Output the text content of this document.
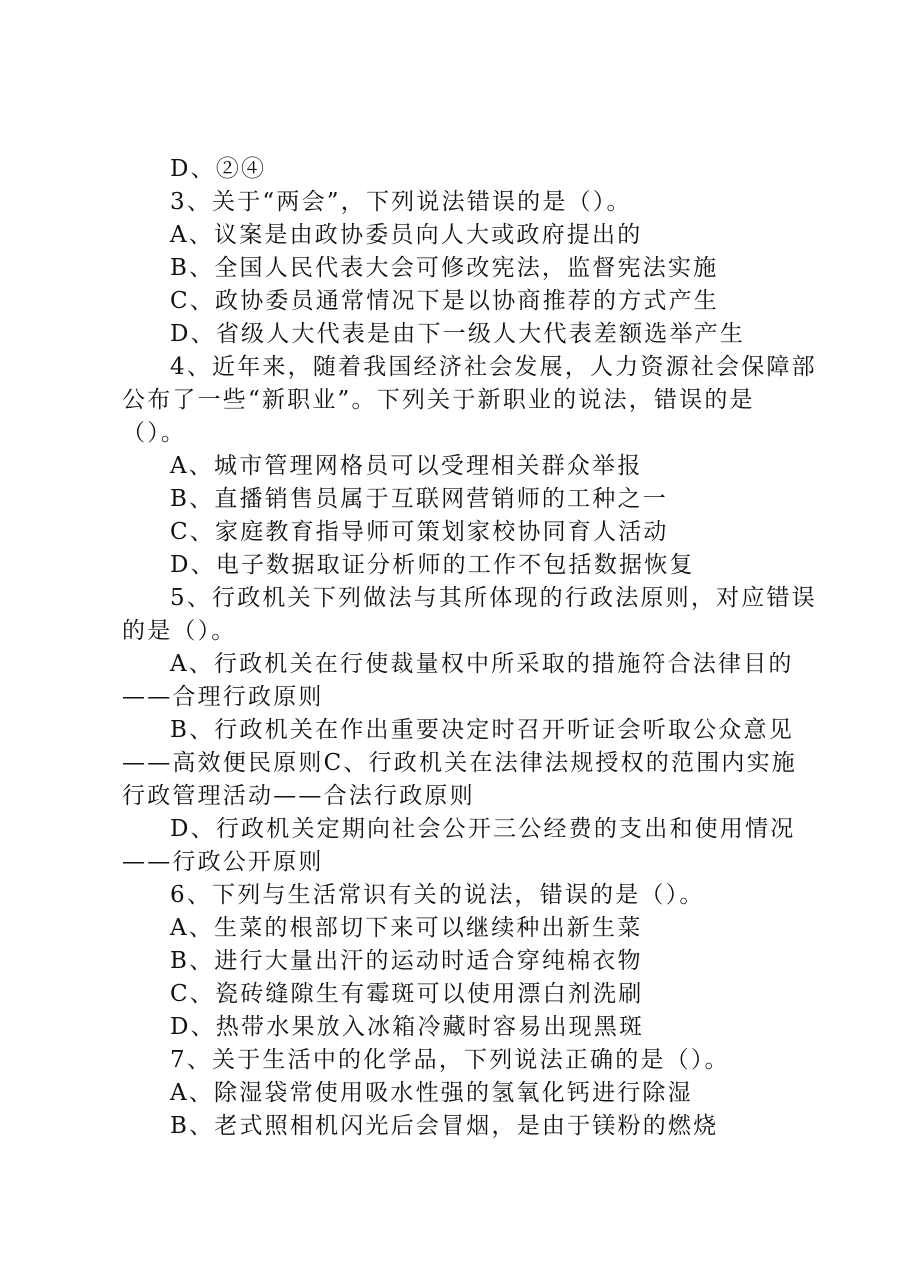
D、②④
3、关于“两会”，下列说法错误的是（）。
A、议案是由政协委员向人大或政府提出的
B、全国人民代表大会可修改宪法，监督宪法实施
C、政协委员通常情况下是以协商推荐的方式产生
D、省级人大代表是由下一级人大代表差额选举产生
4、近年来，随着我国经济社会发展，人力资源社会保障部
公布了一些“新职业”。下列关于新职业的说法，错误的是
（）。
A、城市管理网格员可以受理相关群众举报
B、直播销售员属于互联网营销师的工种之一
C、家庭教育指导师可策划家校协同育人活动
D、电子数据取证分析师的工作不包括数据恢复
5、行政机关下列做法与其所体现的行政法原则，对应错误
的是（）。
A、行政机关在行使裁量权中所采取的措施符合法律目的
——合理行政原则
B、行政机关在作出重要决定时召开听证会听取公众意见
——高效便民原则C、行政机关在法律法规授权的范围内实施
行政管理活动——合法行政原则
D、行政机关定期向社会公开三公经费的支出和使用情况
——行政公开原则
6、下列与生活常识有关的说法，错误的是（）。
A、生菜的根部切下来可以继续种出新生菜
B、进行大量出汗的运动时适合穿纯棉衣物
C、瓷砖缝隙生有霉斑可以使用漂白剂洗刷
D、热带水果放入冰箱冷藏时容易出现黑斑
7、关于生活中的化学品，下列说法正确的是（）。
A、除湿袋常使用吸水性强的氢氧化钙进行除湿
B、老式照相机闪光后会冒烟，是由于镁粉的燃烧
